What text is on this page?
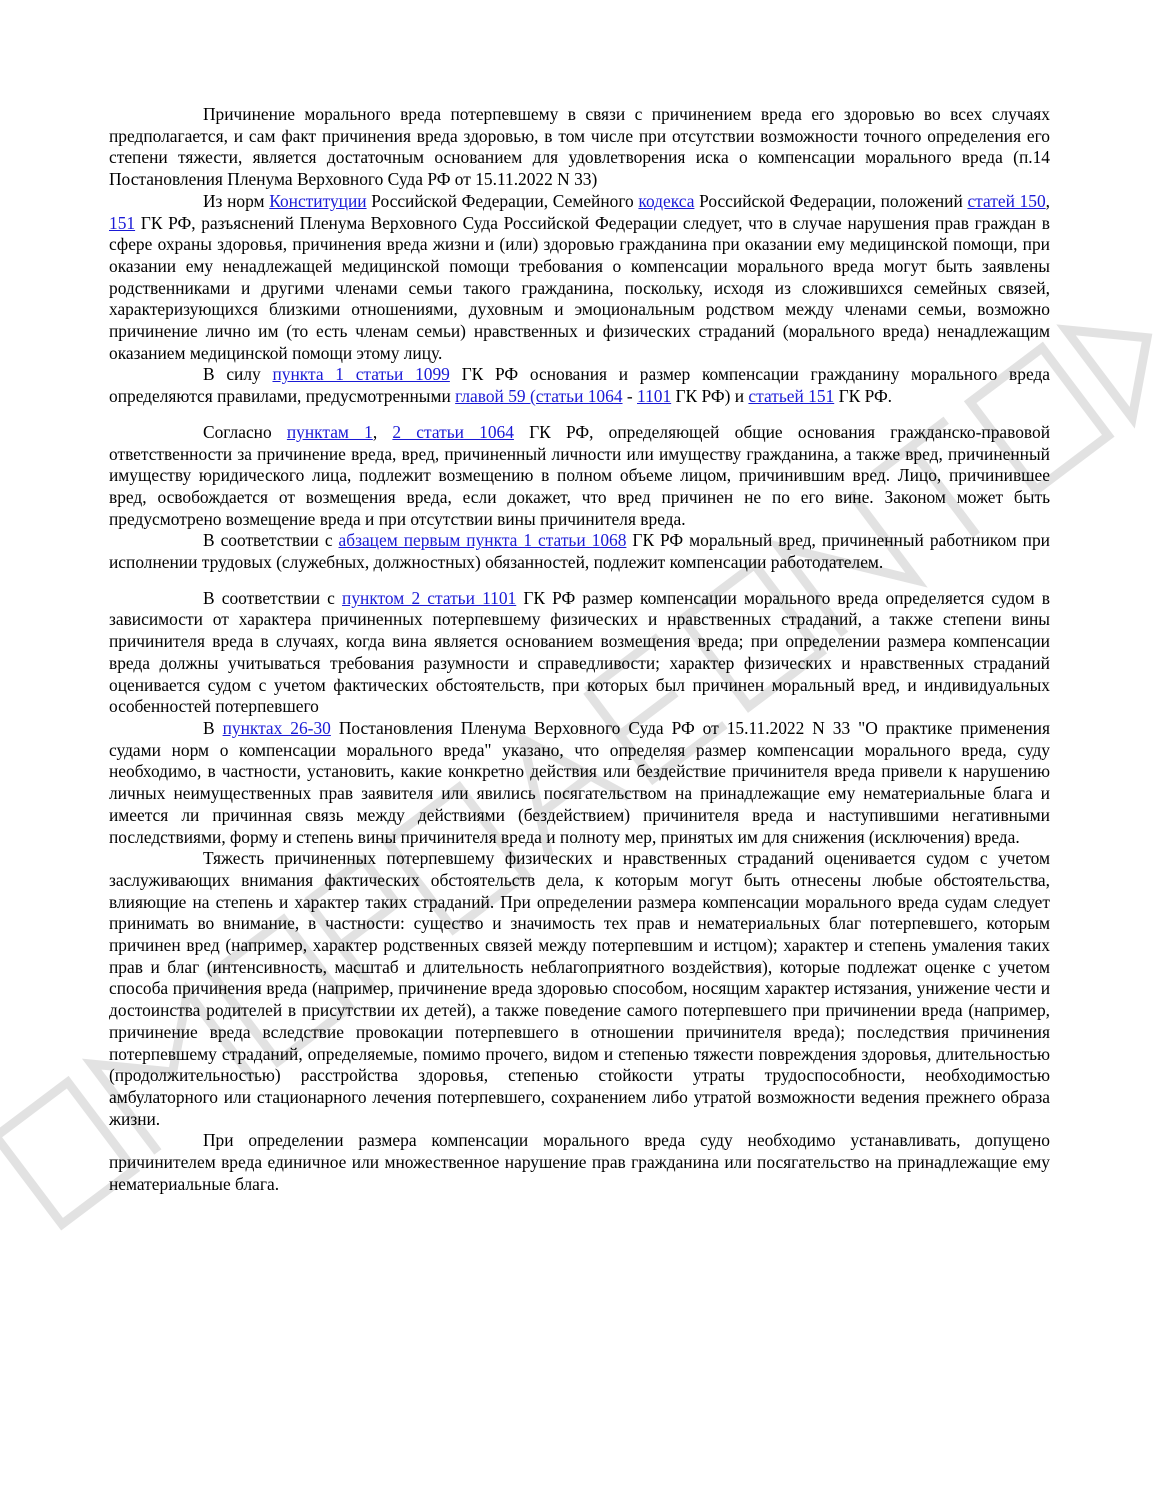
Причинение морального вреда потерпевшему в связи с причинением вреда его здоровью во всех случаях предполагается, и сам факт причинения вреда здоровью, в том числе при отсутствии возможности точного определения его степени тяжести, является достаточным основанием для удовлетворения иска о компенсации морального вреда (п.14 Постановления Пленума Верховного Суда РФ от 15.11.2022 N 33)

Из норм Конституции Российской Федерации, Семейного кодекса Российской Федерации, положений статей 150, 151 ГК РФ, разъяснений Пленума Верховного Суда Российской Федерации следует, что в случае нарушения прав граждан в сфере охраны здоровья, причинения вреда жизни и (или) здоровью гражданина при оказании ему медицинской помощи, при оказании ему ненадлежащей медицинской помощи требования о компенсации морального вреда могут быть заявлены родственниками и другими членами семьи такого гражданина, поскольку, исходя из сложившихся семейных связей, характеризующихся близкими отношениями, духовным и эмоциональным родством между членами семьи, возможно причинение лично им (то есть членам семьи) нравственных и физических страданий (морального вреда) ненадлежащим оказанием медицинской помощи этому лицу.

В силу пункта 1 статьи 1099 ГК РФ основания и размер компенсации гражданину морального вреда определяются правилами, предусмотренными главой 59 (статьи 1064 - 1101 ГК РФ) и статьей 151 ГК РФ.

Согласно пунктам 1, 2 статьи 1064 ГК РФ, определяющей общие основания гражданско-правовой ответственности за причинение вреда, вред, причиненный личности или имуществу гражданина, а также вред, причиненный имуществу юридического лица, подлежит возмещению в полном объеме лицом, причинившим вред. Лицо, причинившее вред, освобождается от возмещения вреда, если докажет, что вред причинен не по его вине. Законом может быть предусмотрено возмещение вреда и при отсутствии вины причинителя вреда.

В соответствии с абзацем первым пункта 1 статьи 1068 ГК РФ моральный вред, причиненный работником при исполнении трудовых (служебных, должностных) обязанностей, подлежит компенсации работодателем.

В соответствии с пунктом 2 статьи 1101 ГК РФ размер компенсации морального вреда определяется судом в зависимости от характера причиненных потерпевшему физических и нравственных страданий, а также степени вины причинителя вреда в случаях, когда вина является основанием возмещения вреда; при определении размера компенсации вреда должны учитываться требования разумности и справедливости; характер физических и нравственных страданий оценивается судом с учетом фактических обстоятельств, при которых был причинен моральный вред, и индивидуальных особенностей потерпевшего

В пунктах 26-30 Постановления Пленума Верховного Суда РФ от 15.11.2022 N 33 "О практике применения судами норм о компенсации морального вреда" указано, что определяя размер компенсации морального вреда, суду необходимо, в частности, установить, какие конкретно действия или бездействие причинителя вреда привели к нарушению личных неимущественных прав заявителя или явились посягательством на принадлежащие ему нематериальные блага и имеется ли причинная связь между действиями (бездействием) причинителя вреда и наступившими негативными последствиями, форму и степень вины причинителя вреда и полноту мер, принятых им для снижения (исключения) вреда.

Тяжесть причиненных потерпевшему физических и нравственных страданий оценивается судом с учетом заслуживающих внимания фактических обстоятельств дела, к которым могут быть отнесены любые обстоятельства, влияющие на степень и характер таких страданий. При определении размера компенсации морального вреда судам следует принимать во внимание, в частности: существо и значимость тех прав и нематериальных благ потерпевшего, которым причинен вред (например, характер родственных связей между потерпевшим и истцом); характер и степень умаления таких прав и благ (интенсивность, масштаб и длительность неблагоприятного воздействия), которые подлежат оценке с учетом способа причинения вреда (например, причинение вреда здоровью способом, носящим характер истязания, унижение чести и достоинства родителей в присутствии их детей), а также поведение самого потерпевшего при причинении вреда (например, причинение вреда вследствие провокации потерпевшего в отношении причинителя вреда); последствия причинения потерпевшему страданий, определяемые, помимо прочего, видом и степенью тяжести повреждения здоровья, длительностью (продолжительностью) расстройства здоровья, степенью стойкости утраты трудоспособности, необходимостью амбулаторного или стационарного лечения потерпевшего, сохранением либо утратой возможности ведения прежнего образа жизни.

При определении размера компенсации морального вреда суду необходимо устанавливать, допущено причинителем вреда единичное или множественное нарушение прав гражданина или посягательство на принадлежащие ему нематериальные блага.
